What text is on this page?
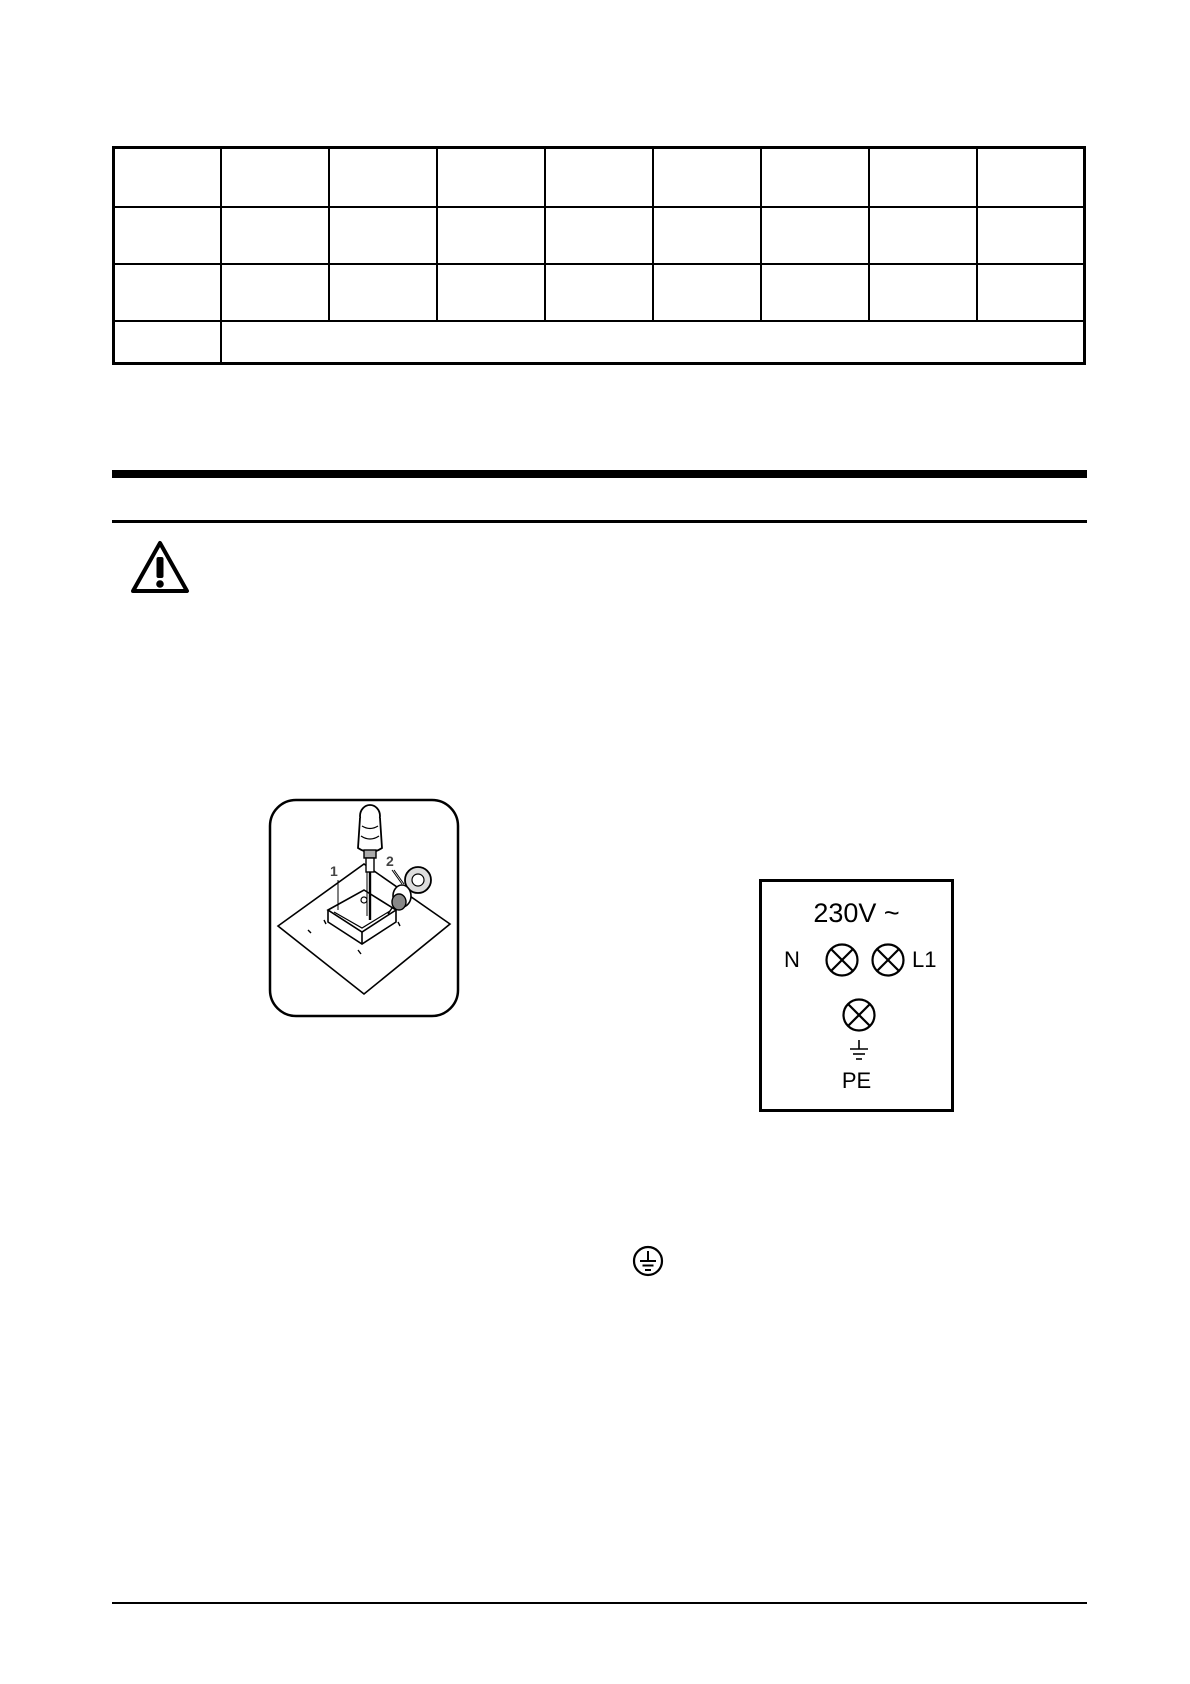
1
2
230V ~
N	L1
PE
